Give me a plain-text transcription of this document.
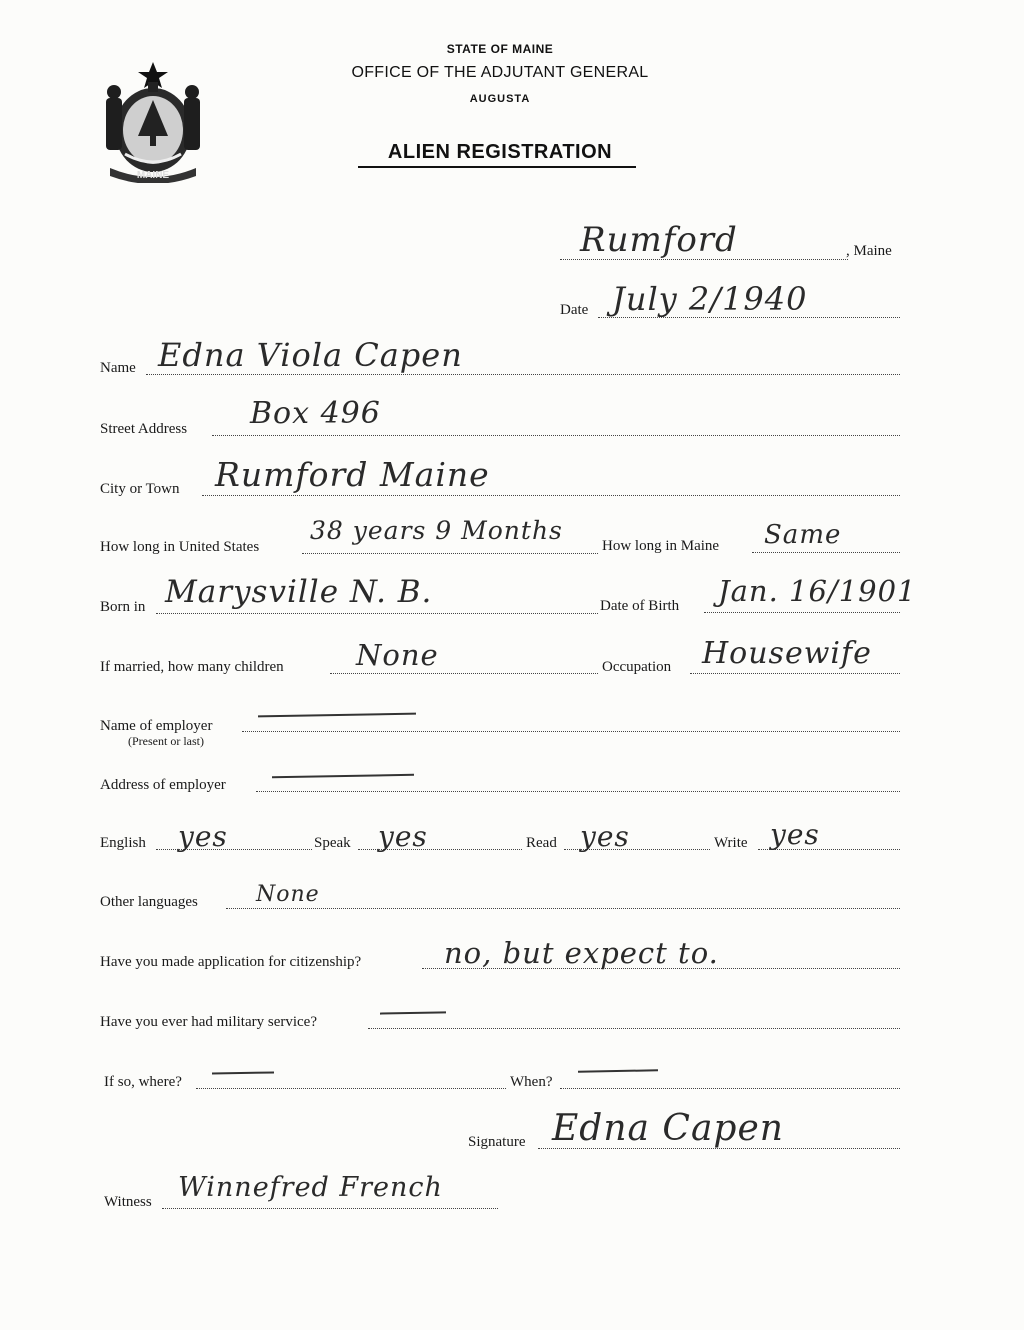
MAINE
STATE OF MAINE
OFFICE OF THE ADJUTANT GENERAL
AUGUSTA
ALIEN REGISTRATION
Rumford	, Maine
Date July 2/1940
Name Edna Viola Capen
Street Address Box 496
City or Town Rumford Maine
How long in United States
38 years 9 Months
How long in Maine Same
Born in Marysville N. B.	Date of Birth Jan. 16/1901
If married, how many children None	Occupation Housewife
Name of employer
(Present or last)
Address of employer
English yes	Speak yes	Read yes	Write yes
Other languages	None
Have you made application for citizenship?	no, but expect to.
Have you ever had military service?
If so, where?	When?
Signature Edna Capen
Witness Winnefred French
